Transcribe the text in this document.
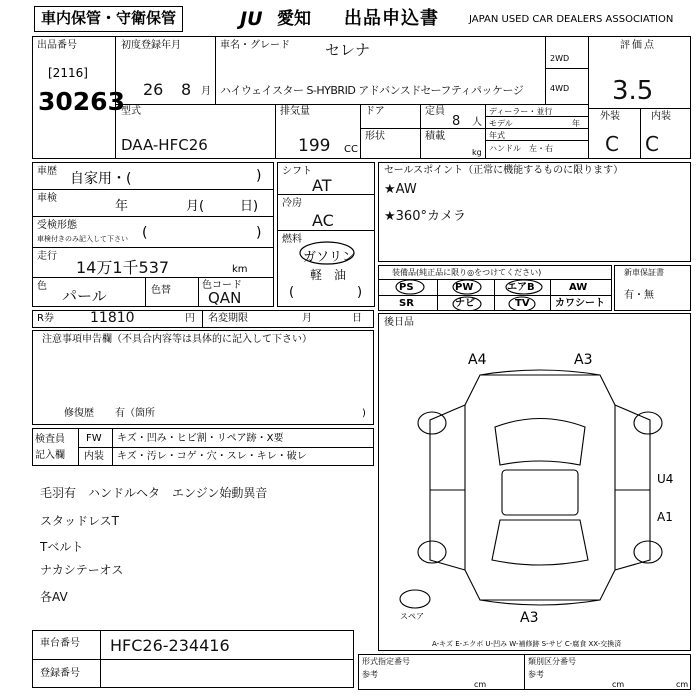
車内保管・守衛保管	JU 愛知 出品申込書	JAPAN USED CAR DEALERS ASSOCIATION
出品番号
[2116]
30263
初度登録年月
26 8 月
車名・グレード セレナ
ハイウェイスター S-HYBRID アドバンスドセーフティパッケージ
2WD
4WD
型式
DAA-HFC26
排気量
199 CC
ドア	定員
8 人
形状	積載
kg
ディーラー・並行
モデル	年
年式
ハンドル　左・右
評価点
3.5
外装	内装
C C
車歴 自家用・(	)
車検
年	月(	日)
受検形態
車検付きのみ記入して下さい (	)
走行
14万1千537	km
色
パール	色替	色コード
QAN
シフト
AT
冷房
AC
燃料
ガソリン
軽　油
(	)
セールスポイント（正常に機能するものに限ります）
★AW
★360°カメラ
装備品(純正品に限り◎をつけてください)
PS	PW	エアB	AW
SR	ナビ	TV	カワシート
新車保証書
有・無
R券	11810	円 名変期限	月	日
注意事項申告欄（不具合内容等は具体的に記入して下さい）
修復歴 有（箇所	)
後日品
検査員
記入欄
FW キズ・凹み・ヒビ割・リペア跡・X要
内装 キズ・汚レ・コゲ・穴・スレ・キレ・破レ
毛羽有　ハンドルヘタ　エンジン始動異音
スタッドレスT
Tベルト
ナカシテーオス
各AV
A4	A3
U4
A1
A3
スペア
A-キズ E-エクボ U-凹み W-補修跡 S-サビ C-腐食 XX-交換済
車台番号 HFC26-234416
登録番号
形式指定番号
参考
類別区分番号
参考
cm	cm	cm
